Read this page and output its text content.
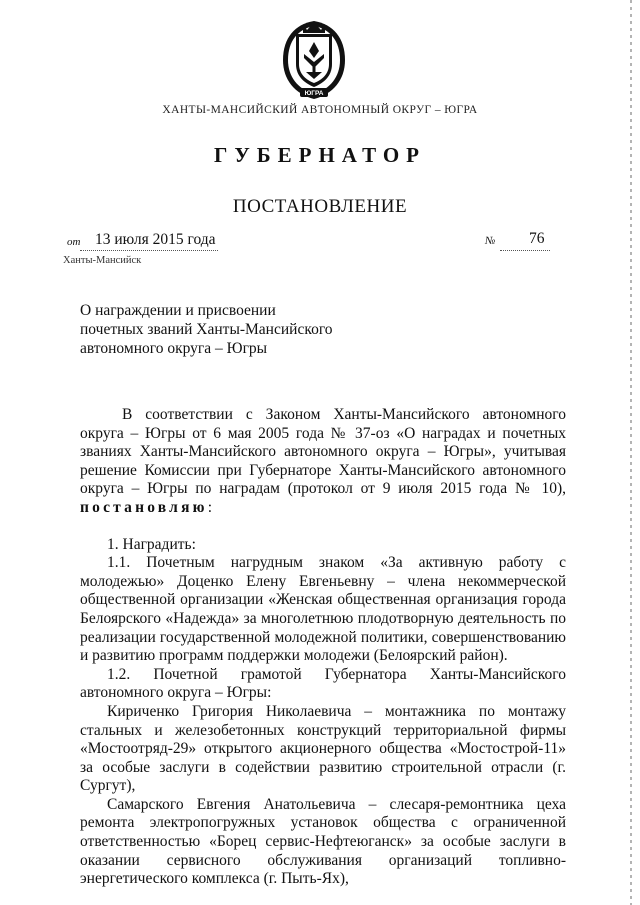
ЮГРА
ХАНТЫ-МАНСИЙСКИЙ АВТОНОМНЫЙ ОКРУГ – ЮГРА
ГУБЕРНАТОР
ПОСТАНОВЛЕНИЕ
от 13 июля 2015 года	№ 76
Ханты-Мансийск
О награждении и присвоении
почетных званий Ханты-Мансийского
автономного округа – Югры

В соответствии с Законом Ханты-Мансийского автономного округа – Югры от 6 мая 2005 года № 37-оз «О наградах и почетных званиях Ханты-Мансийского автономного округа – Югры», учитывая решение Комиссии при Губернаторе Ханты-Мансийского автономного округа – Югры по наградам (протокол от 9 июля 2015 года № 10), постановляю:

1. Наградить:

1.1. Почетным нагрудным знаком «За активную работу с молодежью» Доценко Елену Евгеньевну – члена некоммерческой общественной организации «Женская общественная организация города Белоярского «Надежда» за многолетнюю плодотворную деятельность по реализации государственной молодежной политики, совершенствованию и развитию программ поддержки молодежи (Белоярский район).

1.2. Почетной грамотой Губернатора Ханты-Мансийского автономного округа – Югры:

Кириченко Григория Николаевича – монтажника по монтажу стальных и железобетонных конструкций территориальной фирмы «Мостоотряд-29» открытого акционерного общества «Мостострой-11» за особые заслуги в содействии развитию строительной отрасли (г. Сургут),

Самарского Евгения Анатольевича – слесаря-ремонтника цеха ремонта электропогружных установок общества с ограниченной ответственностью «Борец сервис-Нефтеюганск» за особые заслуги в оказании сервисного обслуживания организаций топливно-энергетического комплекса (г. Пыть-Ях),
